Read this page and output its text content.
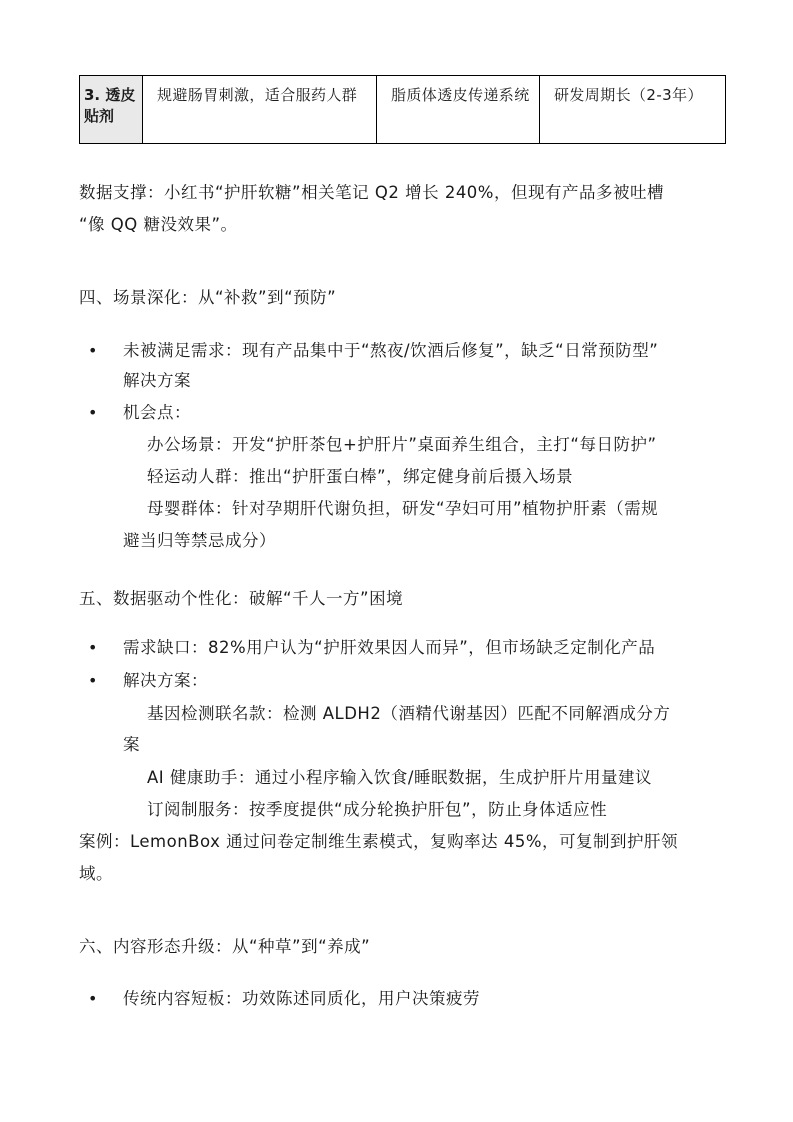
3. 透皮贴剂	规避肠胃刺激，适合服药人群	脂质体透皮传递系统	研发周期长（2-3年）
数据支撑：小红书“护肝软糖”相关笔记 Q2 增长 240%，但现有产品多被吐槽
“像 QQ 糖没效果”。
四、场景深化：从“补救”到“预防”
• 未被满足需求：现有产品集中于“熬夜/饮酒后修复”，缺乏“日常预防型”
解决方案
• 机会点：
办公场景：开发“护肝茶包+护肝片”桌面养生组合，主打“每日防护”
轻运动人群：推出“护肝蛋白棒”，绑定健身前后摄入场景
母婴群体：针对孕期肝代谢负担，研发“孕妇可用”植物护肝素（需规
避当归等禁忌成分）
五、数据驱动个性化：破解“千人一方”困境
• 需求缺口：82%用户认为“护肝效果因人而异”，但市场缺乏定制化产品
• 解决方案：
基因检测联名款：检测 ALDH2（酒精代谢基因）匹配不同解酒成分方
案
AI 健康助手：通过小程序输入饮食/睡眠数据，生成护肝片用量建议
订阅制服务：按季度提供“成分轮换护肝包”，防止身体适应性
案例：LemonBox 通过问卷定制维生素模式，复购率达 45%，可复制到护肝领
域。
六、内容形态升级：从“种草”到“养成”
• 传统内容短板：功效陈述同质化，用户决策疲劳
